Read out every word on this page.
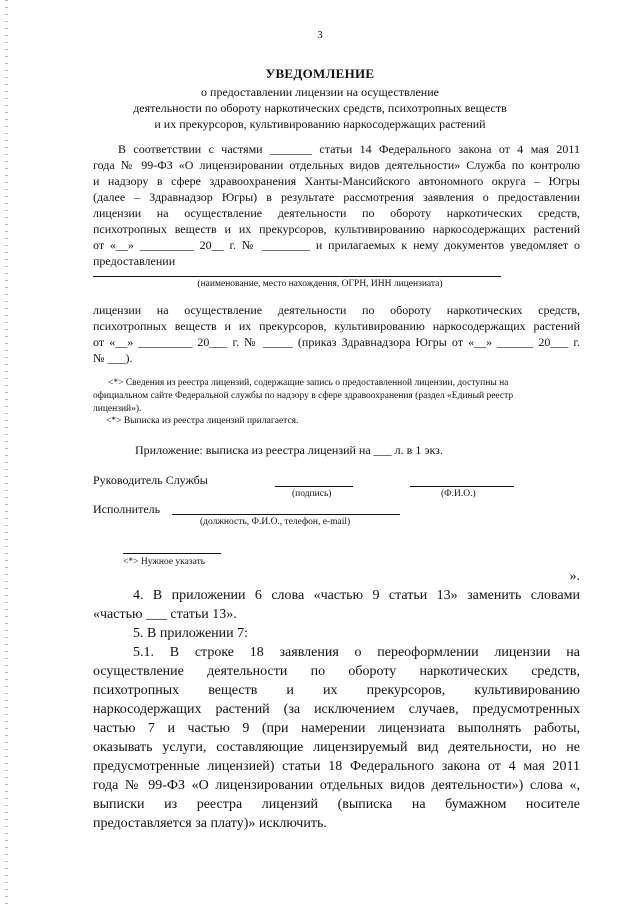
3
УВЕДОМЛЕНИЕ
о предоставлении лицензии на осуществление
деятельности по обороту наркотических средств, психотропных веществ
и их прекурсоров, культивированию наркосодержащих растений
В соответствии с частями _______ статьи 14 Федерального закона от 4 мая 2011
года № 99-ФЗ «О лицензировании отдельных видов деятельности» Служба по контролю
и надзору в сфере здравоохранения Ханты-Мансийского автономного округа – Югры
(далее – Здравнадзор Югры) в результате рассмотрения заявления о предоставлении
лицензии на осуществление деятельности по обороту наркотических средств,
психотропных веществ и их прекурсоров, культивированию наркосодержащих растений
от «__» _________ 20__ г. № ________ и прилагаемых к нему документов уведомляет о
предоставлении
(наименование, место нахождения, ОГРН, ИНН лицензиата)
лицензии на осуществление деятельности по обороту наркотических средств,
психотропных веществ и их прекурсоров, культивированию наркосодержащих растений
от «__» _________ 20___ г. № _____ (приказ Здравнадзора Югры от «__» ______ 20___ г.
№ ___).
<*> Сведения из реестра лицензий, содержащие запись о предоставленной лицензии, доступны на
официальном сайте Федеральной службы по надзору в сфере здравоохранения (раздел «Единый реестр
лицензий»).
<*> Выписка из реестра лицензий прилагается.
Приложение: выписка из реестра лицензий на ___ л. в 1 экз.
Руководитель Службы
(подпись)	(Ф.И.О.)
Исполнитель
(должность, Ф.И.О., телефон, e-mail)
<*> Нужное указать
».
4. В приложении 6 слова «частью 9 статьи 13» заменить словами
«частью ___ статьи 13».
5. В приложении 7:
5.1. В строке 18 заявления о переоформлении лицензии на
осуществление деятельности по обороту наркотических средств,
психотропных веществ и их прекурсоров, культивированию
наркосодержащих растений (за исключением случаев, предусмотренных
частью 7 и частью 9 (при намерении лицензиата выполнять работы,
оказывать услуги, составляющие лицензируемый вид деятельности, но не
предусмотренные лицензией) статьи 18 Федерального закона от 4 мая 2011
года № 99-ФЗ «О лицензировании отдельных видов деятельности») слова «,
выписки из реестра лицензий (выписка на бумажном носителе
предоставляется за плату)» исключить.
